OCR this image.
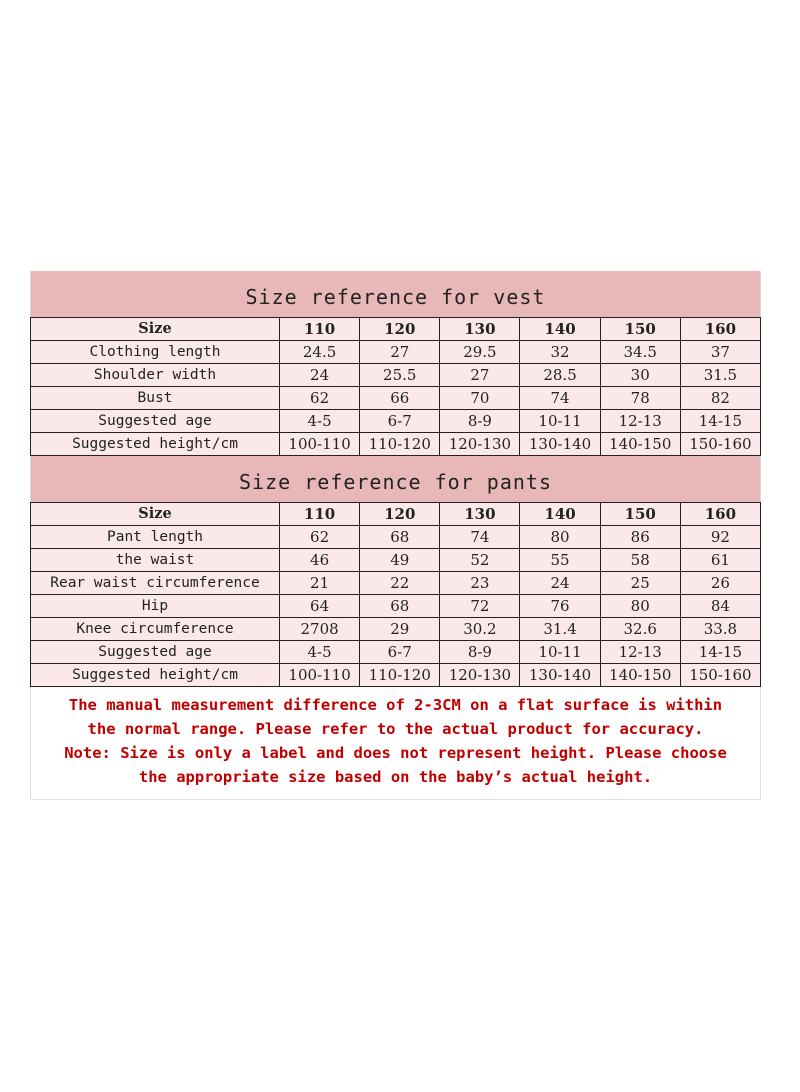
Size reference for vest
Size	110	120	130	140	150	160
Clothing length	24.5	27	29.5	32	34.5	37
Shoulder width	24	25.5	27	28.5	30	31.5
Bust	62	66	70	74	78	82
Suggested age	4-5	6-7	8-9	10-11	12-13	14-15
Suggested height/cm	100-110	110-120	120-130	130-140	140-150	150-160
Size reference for pants
Size	110	120	130	140	150	160
Pant length	62	68	74	80	86	92
the waist	46	49	52	55	58	61
Rear waist circumference	21	22	23	24	25	26
Hip	64	68	72	76	80	84
Knee circumference	2708	29	30.2	31.4	32.6	33.8
Suggested age	4-5	6-7	8-9	10-11	12-13	14-15
Suggested height/cm	100-110	110-120	120-130	130-140	140-150	150-160
The manual measurement difference of 2-3CM on a flat surface is within
the normal range. Please refer to the actual product for accuracy.
Note: Size is only a label and does not represent height. Please choose
the appropriate size based on the baby’s actual height.
